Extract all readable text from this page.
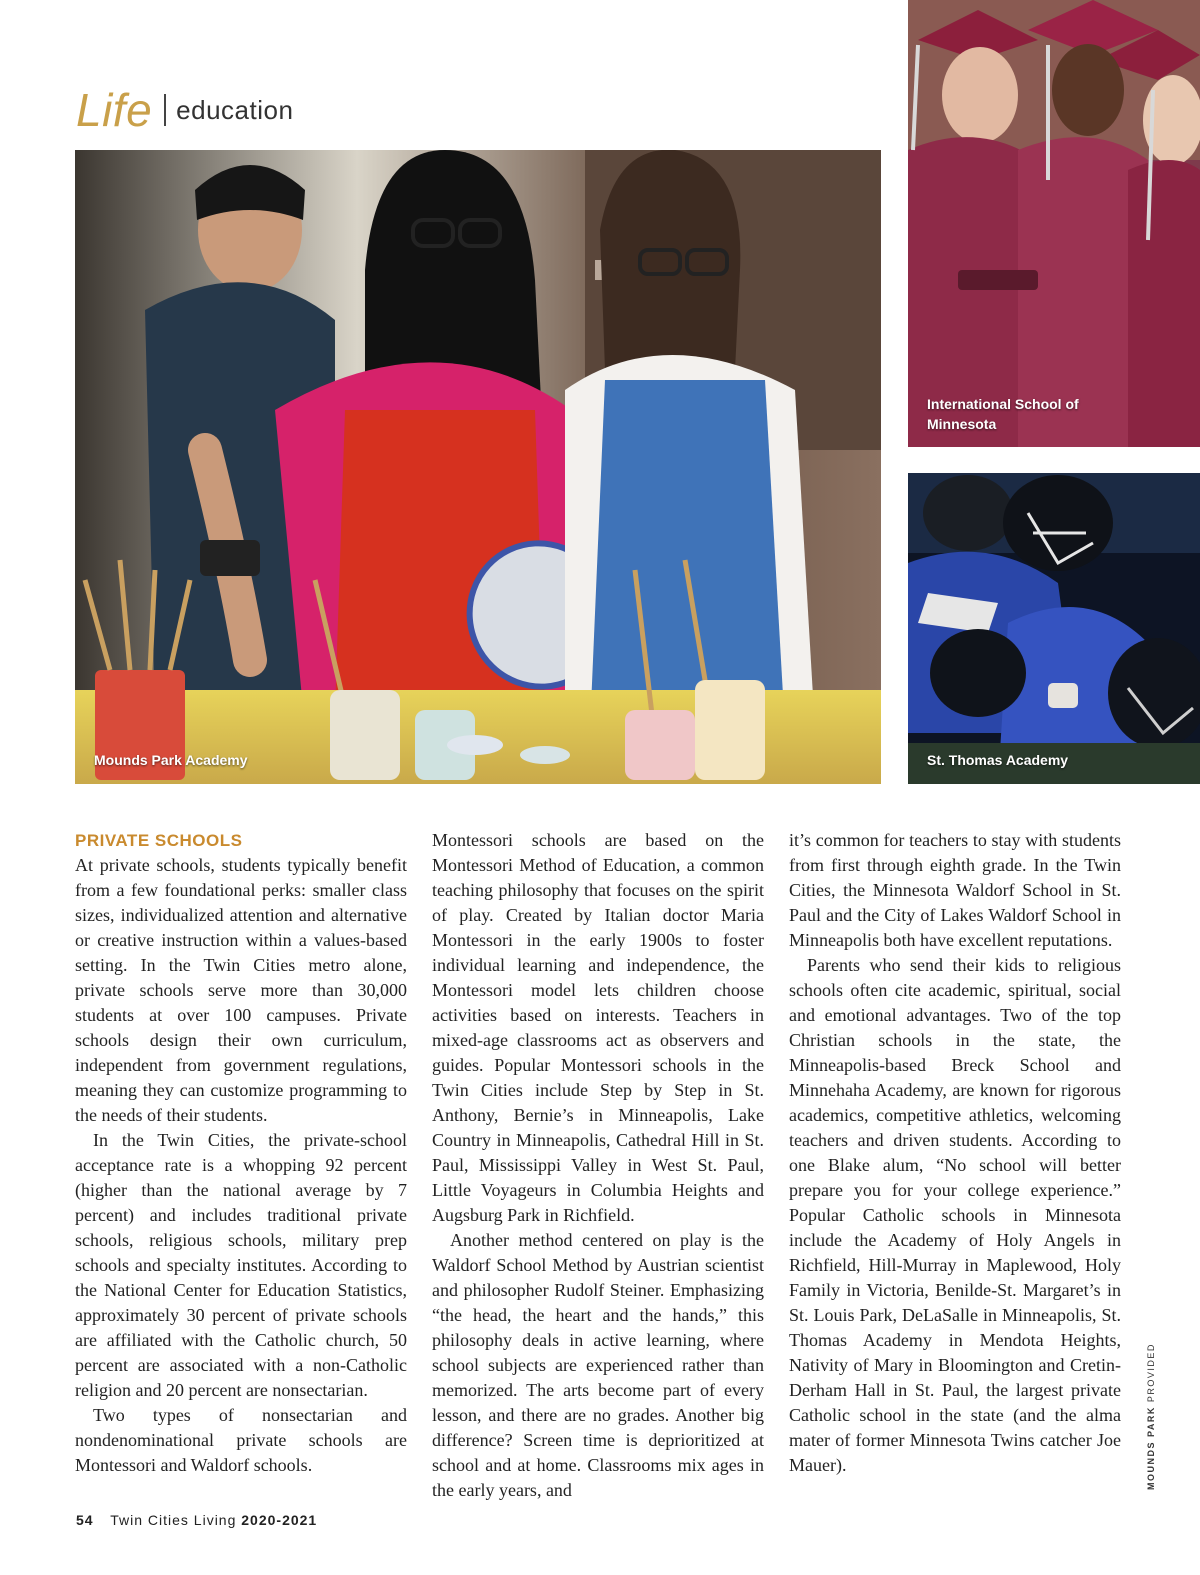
Life education
Mounds Park Academy
International School of Minnesota
St. Thomas Academy
PRIVATE SCHOOLS

At private schools, students typically benefit from a few foundational perks: smaller class sizes, individualized attention and alternative or creative instruction within a values-based setting. In the Twin Cities metro alone, private schools serve more than 30,000 students at over 100 campuses. Private schools design their own curriculum, independent from government regulations, meaning they can customize programming to the needs of their students.

In the Twin Cities, the private-school acceptance rate is a whopping 92 percent (higher than the national average by 7 percent) and includes traditional private schools, religious schools, military prep schools and specialty institutes. According to the National Center for Education Statistics, approximately 30 percent of private schools are affiliated with the Catholic church, 50 percent are associated with a non-Catholic religion and 20 percent are nonsectarian.

Two types of nonsectarian and nondenominational private schools are Montessori and Waldorf schools.

Montessori schools are based on the Montessori Method of Education, a common teaching philosophy that focuses on the spirit of play. Created by Italian doctor Maria Montessori in the early 1900s to foster individual learning and independence, the Montessori model lets children choose activities based on interests. Teachers in mixed-age classrooms act as observers and guides. Popular Montessori schools in the Twin Cities include Step by Step in St. Anthony, Bernie’s in Minneapolis, Lake Country in Minneapolis, Cathedral Hill in St. Paul, Mississippi Valley in West St. Paul, Little Voyageurs in Columbia Heights and Augsburg Park in Richfield.

Another method centered on play is the Waldorf School Method by Austrian scientist and philosopher Rudolf Steiner. Emphasizing “the head, the heart and the hands,” this philosophy deals in active learning, where school subjects are experienced rather than memorized. The arts become part of every lesson, and there are no grades. Another big difference? Screen time is deprioritized at school and at home. Classrooms mix ages in the early years, and

it’s common for teachers to stay with students from first through eighth grade. In the Twin Cities, the Minnesota Waldorf School in St. Paul and the City of Lakes Waldorf School in Minneapolis both have excellent reputations.

Parents who send their kids to religious schools often cite academic, spiritual, social and emotional advantages. Two of the top Christian schools in the state, the Minneapolis-based Breck School and Minnehaha Academy, are known for rigorous academics, competitive athletics, welcoming teachers and driven students. According to one Blake alum, “No school will better prepare you for your college experience.” Popular Catholic schools in Minnesota include the Academy of Holy Angels in Richfield, Hill-Murray in Maplewood, Holy Family in Victoria, Benilde-St. Margaret’s in St. Louis Park, DeLaSalle in Minneapolis, St. Thomas Academy in Mendota Heights, Nativity of Mary in Bloomington and Cretin-Derham Hall in St. Paul, the largest private Catholic school in the state (and the alma mater of former Minnesota Twins catcher Joe Mauer).	MOUNDS PARK PROVIDED
54 Twin Cities Living 2020-2021
